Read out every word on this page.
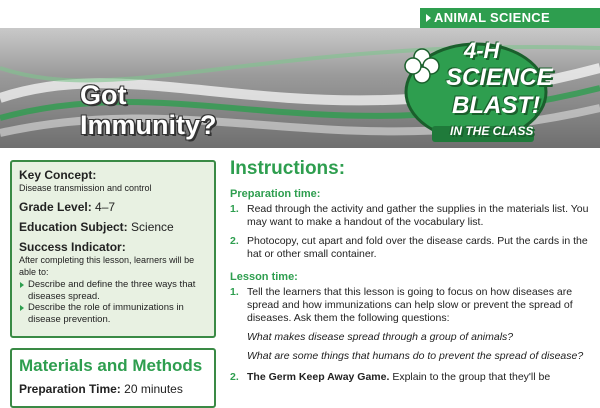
ANIMAL SCIENCE
Got
Immunity?
4-H
SCIENCE
BLAST!
IN THE CLASS
Key Concept:
Disease transmission and control
Grade Level: 4–7
Education Subject: Science
Success Indicator:
After completing this lesson, learners will be able to:
Describe and define the three ways that diseases spread.
Describe the role of immunizations in disease prevention.
Materials and Methods
Preparation Time: 20 minutes
Instructions:
Preparation time:
1. Read through the activity and gather the supplies in the materials list. You may want to make a handout of the vocabulary list.
2. Photocopy, cut apart and fold over the disease cards. Put the cards in the hat or other small container.
Lesson time:
1. Tell the learners that this lesson is going to focus on how diseases are spread and how immunizations can help slow or prevent the spread of diseases. Ask them the following questions:
What makes disease spread through a group of animals?
What are some things that humans do to prevent the spread of disease?
2. The Germ Keep Away Game. Explain to the group that they'll be
